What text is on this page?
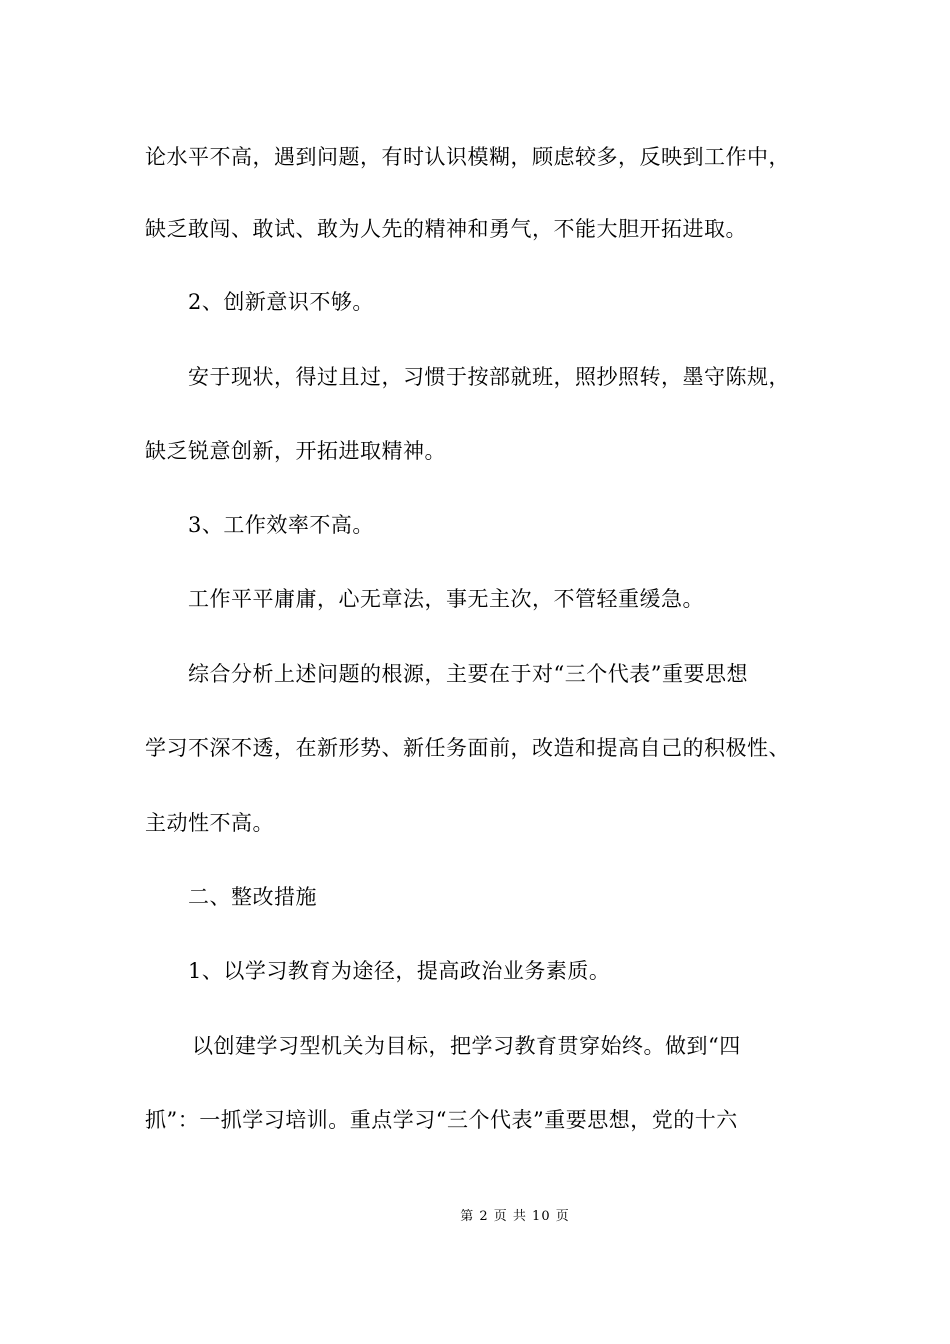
论水平不高，遇到问题，有时认识模糊，顾虑较多，反映到工作中，
缺乏敢闯、敢试、敢为人先的精神和勇气，不能大胆开拓进取。
2、创新意识不够。
安于现状，得过且过，习惯于按部就班，照抄照转，墨守陈规，
缺乏锐意创新，开拓进取精神。
3、工作效率不高。
工作平平庸庸，心无章法，事无主次，不管轻重缓急。
综合分析上述问题的根源，主要在于对“三个代表”重要思想
学习不深不透，在新形势、新任务面前，改造和提高自己的积极性、
主动性不高。
二、整改措施
1、以学习教育为途径，提高政治业务素质。
以创建学习型机关为目标，把学习教育贯穿始终。做到“四
抓”：一抓学习培训。重点学习“三个代表”重要思想，党的十六
第 2 页 共 10 页
